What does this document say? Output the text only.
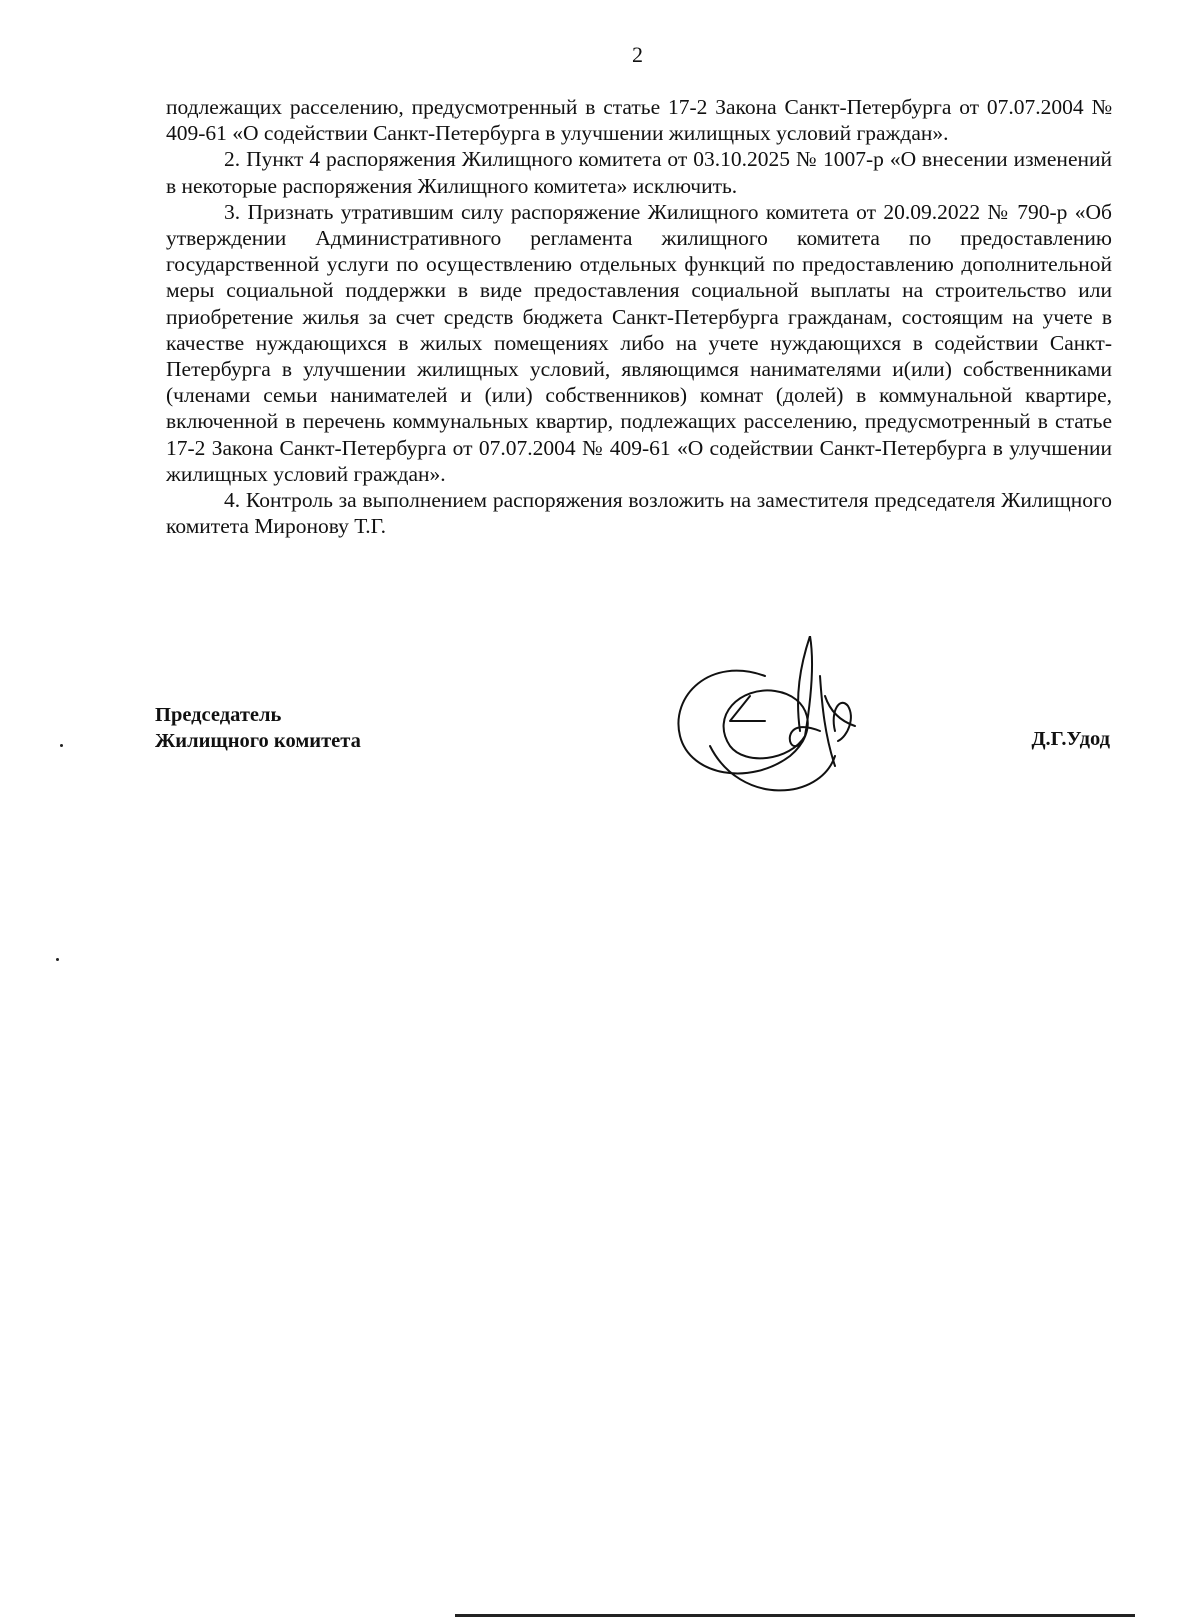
2

подлежащих расселению, предусмотренный в статье 17-2 Закона Санкт-Петербурга от 07.07.2004 № 409-61 «О содействии Санкт-Петербурга в улучшении жилищных условий граждан».

2. Пункт 4 распоряжения Жилищного комитета от 03.10.2025 № 1007-р «О внесении изменений в некоторые распоряжения Жилищного комитета» исключить.

3. Признать утратившим силу распоряжение Жилищного комитета от 20.09.2022 № 790-р «Об утверждении Административного регламента жилищного комитета по предоставлению государственной услуги по осуществлению отдельных функций по предоставлению дополнительной меры социальной поддержки в виде предоставления социальной выплаты на строительство или приобретение жилья за счет средств бюджета Санкт-Петербурга гражданам, состоящим на учете в качестве нуждающихся в жилых помещениях либо на учете нуждающихся в содействии Санкт-Петербурга в улучшении жилищных условий, являющимся нанимателями и(или) собственниками (членами семьи нанимателей и (или) собственников) комнат (долей) в коммунальной квартире, включенной в перечень коммунальных квартир, подлежащих расселению, предусмотренный в статье 17-2 Закона Санкт-Петербурга от 07.07.2004 № 409-61 «О содействии Санкт-Петербурга в улучшении жилищных условий граждан».

4. Контроль за выполнением распоряжения возложить на заместителя председателя Жилищного комитета Миронову Т.Г.

Председатель
Жилищного комитета	Д.Г.Удод
